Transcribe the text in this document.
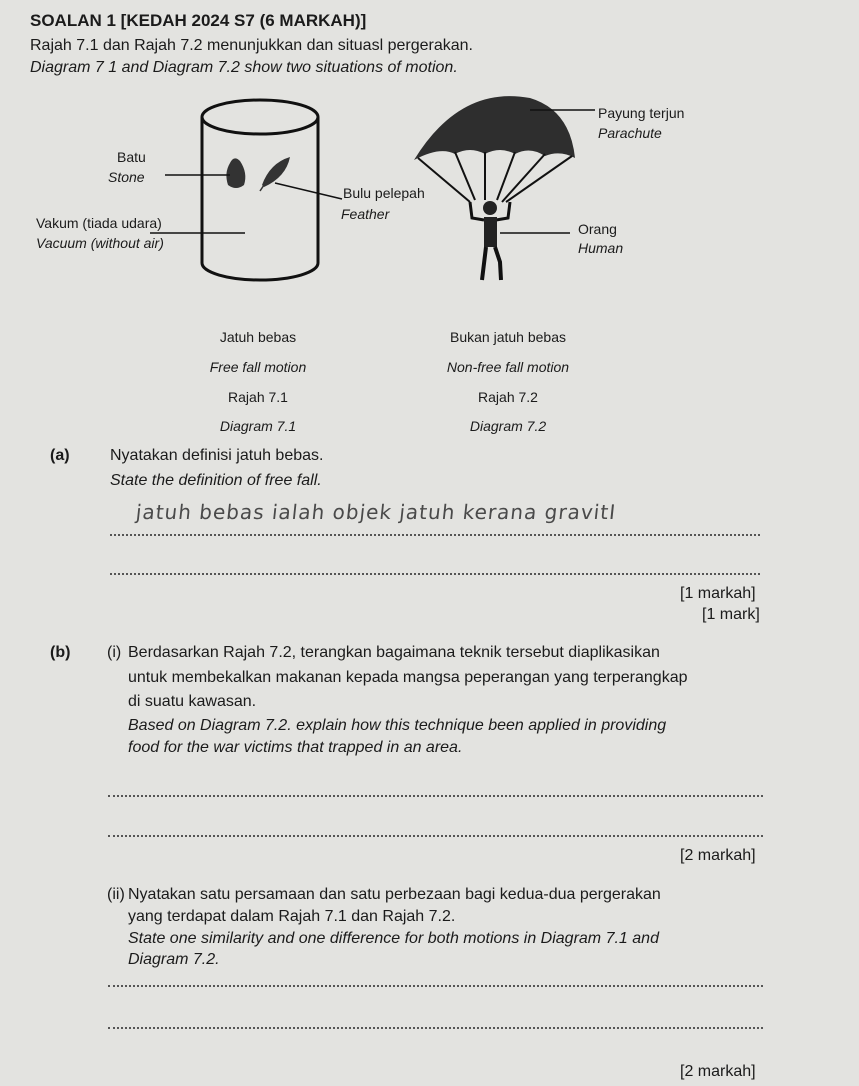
SOALAN 1 [KEDAH 2024 S7 (6 MARKAH)]
Rajah 7.1 dan Rajah 7.2 menunjukkan dan situasl pergerakan.
Diagram 7 1 and Diagram 7.2 show two situations of motion.
Batu
Stone
Bulu pelepah
Feather
Vakum (tiada udara)
Vacuum (without air)
Payung terjun
Parachute
Orang
Human
Jatuh bebas
Free fall motion
Rajah 7.1
Diagram 7.1
Bukan jatuh bebas
Non-free fall motion
Rajah 7.2
Diagram 7.2
(a)	Nyatakan definisi jatuh bebas.
State the definition of free fall.
jatuh bebas ialah objek jatuh kerana gravitI
[1 markah]
[1 mark]
(b) (i) Berdasarkan Rajah 7.2, terangkan bagaimana teknik tersebut diaplikasikan
untuk membekalkan makanan kepada mangsa peperangan yang terperangkap
di suatu kawasan.
Based on Diagram 7.2. explain how this technique been applied in providing
food for the war victims that trapped in an area.
[2 markah]
(ii) Nyatakan satu persamaan dan satu perbezaan bagi kedua-dua pergerakan
yang terdapat dalam Rajah 7.1 dan Rajah 7.2.
State one similarity and one difference for both motions in Diagram 7.1 and
Diagram 7.2.
[2 markah]
